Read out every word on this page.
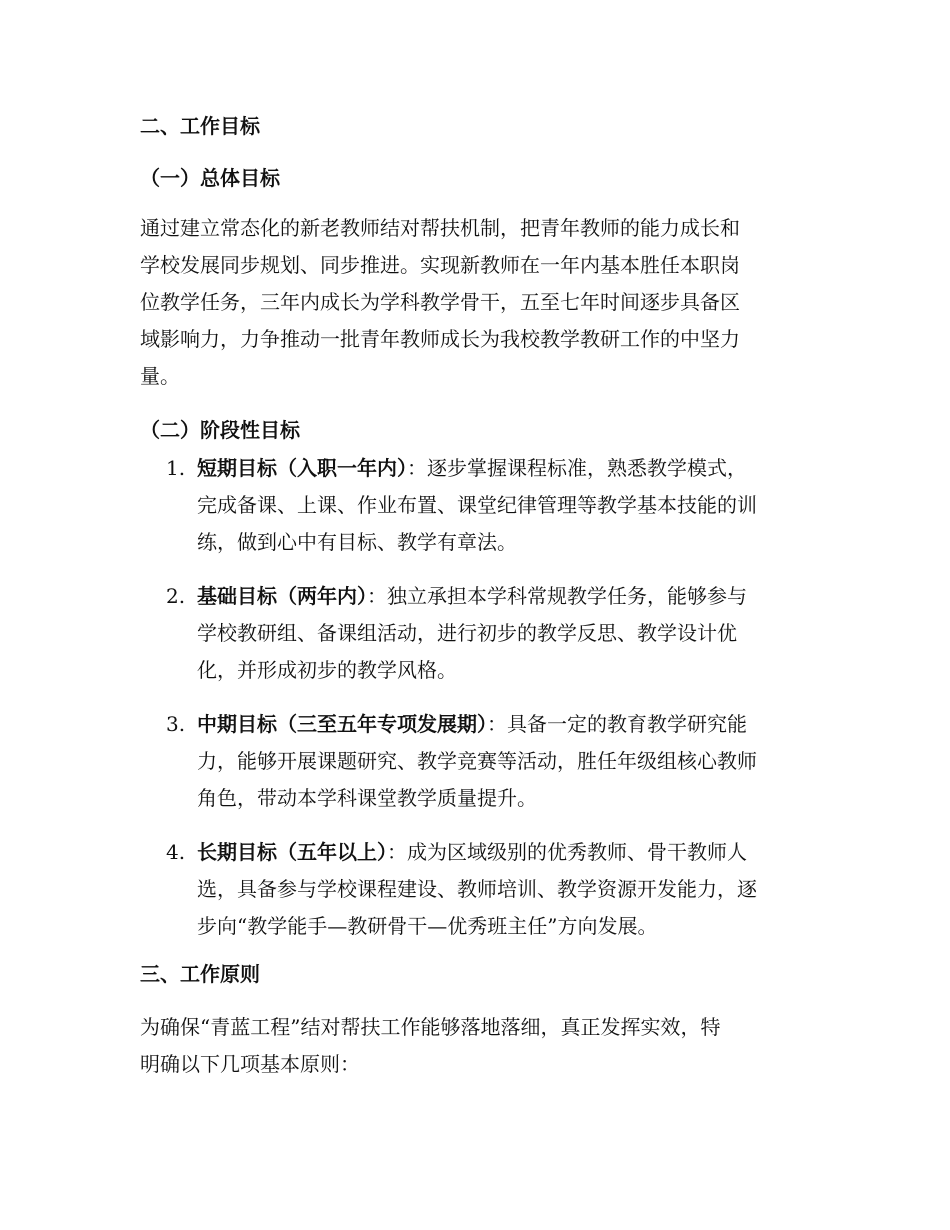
二、工作目标
（一）总体目标

通过建立常态化的新老教师结对帮扶机制，把青年教师的能力成长和
学校发展同步规划、同步推进。实现新教师在一年内基本胜任本职岗
位教学任务，三年内成长为学科教学骨干，五至七年时间逐步具备区
域影响力，力争推动一批青年教师成长为我校教学教研工作的中坚力
量。

（二）阶段性目标
1. 短期目标（入职一年内）：逐步掌握课程标准，熟悉教学模式，
完成备课、上课、作业布置、课堂纪律管理等教学基本技能的训
练，做到心中有目标、教学有章法。
2. 基础目标（两年内）：独立承担本学科常规教学任务，能够参与
学校教研组、备课组活动，进行初步的教学反思、教学设计优
化，并形成初步的教学风格。
3. 中期目标（三至五年专项发展期）：具备一定的教育教学研究能
力，能够开展课题研究、教学竞赛等活动，胜任年级组核心教师
角色，带动本学科课堂教学质量提升。
4. 长期目标（五年以上）：成为区域级别的优秀教师、骨干教师人
选，具备参与学校课程建设、教师培训、教学资源开发能力，逐
步向“教学能手—教研骨干—优秀班主任”方向发展。
三、工作原则

为确保“青蓝工程”结对帮扶工作能够落地落细，真正发挥实效，特
明确以下几项基本原则：
